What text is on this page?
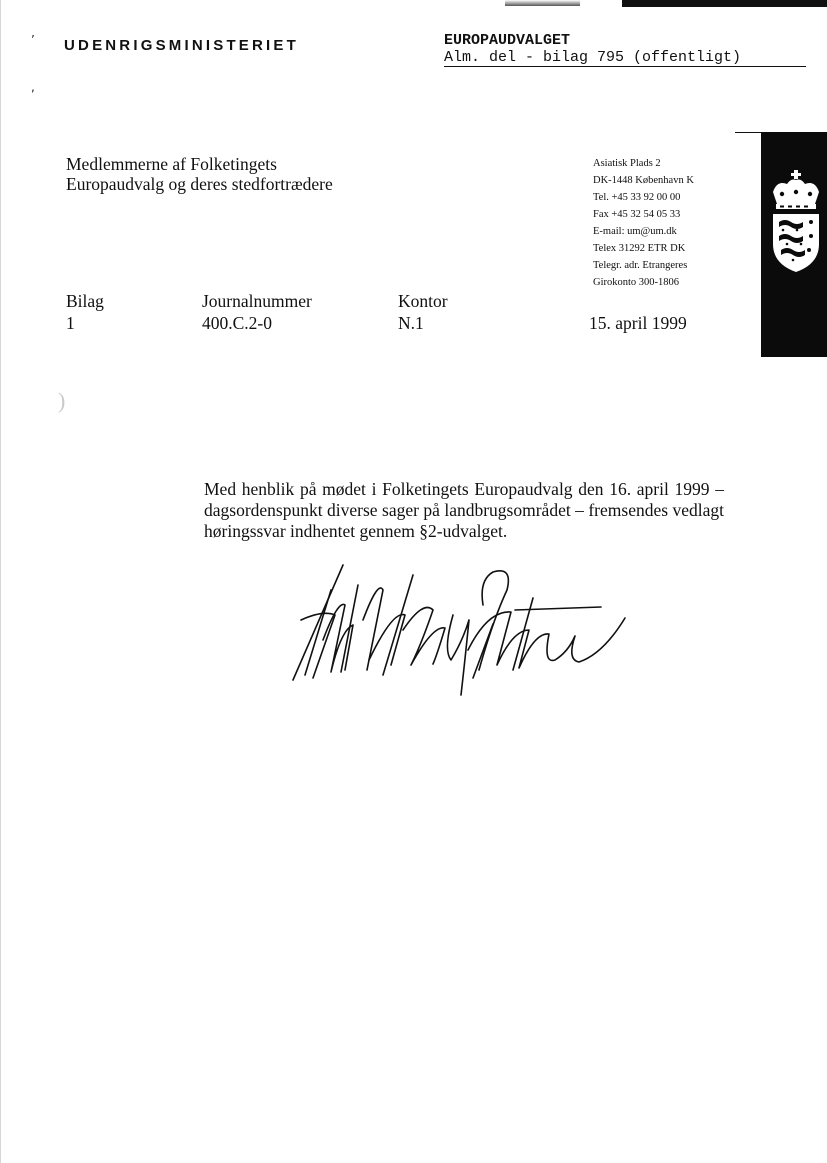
’
,
)
UDENRIGSMINISTERIET	EUROPAUDVALGET
Alm. del - bilag 795 (offentligt)
Medlemmerne af Folketingets
Europaudvalg og deres stedfortrædere
Asiatisk Plads 2
DK-1448 København K
Tel. +45 33 92 00 00
Fax +45 32 54 05 33
E-mail: um@um.dk
Telex 31292 ETR DK
Telegr. adr. Etrangeres
Girokonto 300-1806
Bilag
1
Journalnummer
400.C.2-0
Kontor
N.1	15. april 1999
Med henblik på mødet i Folketingets Europaudvalg den 16. april 1999 – dagsordenspunkt diverse sager på landbrugsområdet – fremsendes vedlagt høringssvar indhentet gennem §2-udvalget.
